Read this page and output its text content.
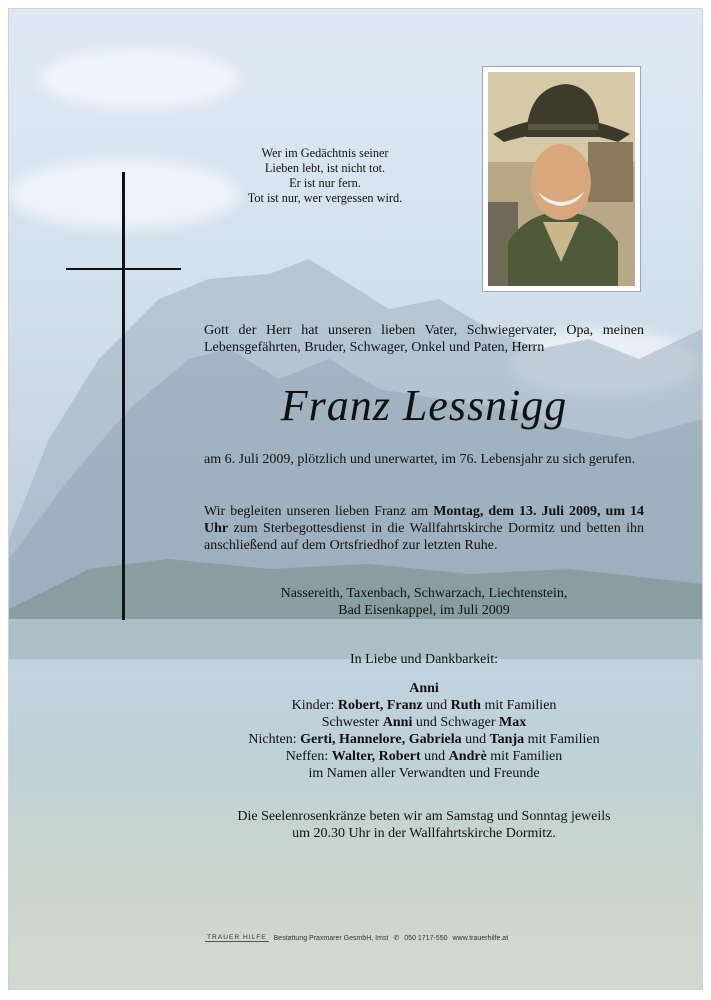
Wer im Gedächtnis seiner
Lieben lebt, ist nicht tot.
Er ist nur fern.
Tot ist nur, wer vergessen wird.
Gott der Herr hat unseren lieben Vater, Schwiegervater, Opa, meinen Lebensgefährten, Bruder, Schwager, Onkel und Paten, Herrn
Franz Lessnigg
am 6. Juli 2009, plötzlich und unerwartet, im 76. Lebensjahr zu sich gerufen.
Wir begleiten unseren lieben Franz am Montag, dem 13. Juli 2009, um 14 Uhr zum Sterbegottesdienst in die Wallfahrtskirche Dormitz und betten ihn anschließend auf dem Ortsfriedhof zur letzten Ruhe.
Nassereith, Taxenbach, Schwarzach, Liechtenstein,
Bad Eisenkappel, im Juli 2009
In Liebe und Dankbarkeit:
Anni
Kinder: Robert, Franz und Ruth mit Familien
Schwester Anni und Schwager Max
Nichten: Gerti, Hannelore, Gabriela und Tanja mit Familien
Neffen: Walter, Robert und Andrè mit Familien
im Namen aller Verwandten und Freunde
Die Seelenrosenkränze beten wir am Samstag und Sonntag jeweils
um 20.30 Uhr in der Wallfahrtskirche Dormitz.
TRAUER HILFE Bestattung Praxmarer GesmbH, Imst ✆ 050 1717-550 www.trauerhilfe.at
